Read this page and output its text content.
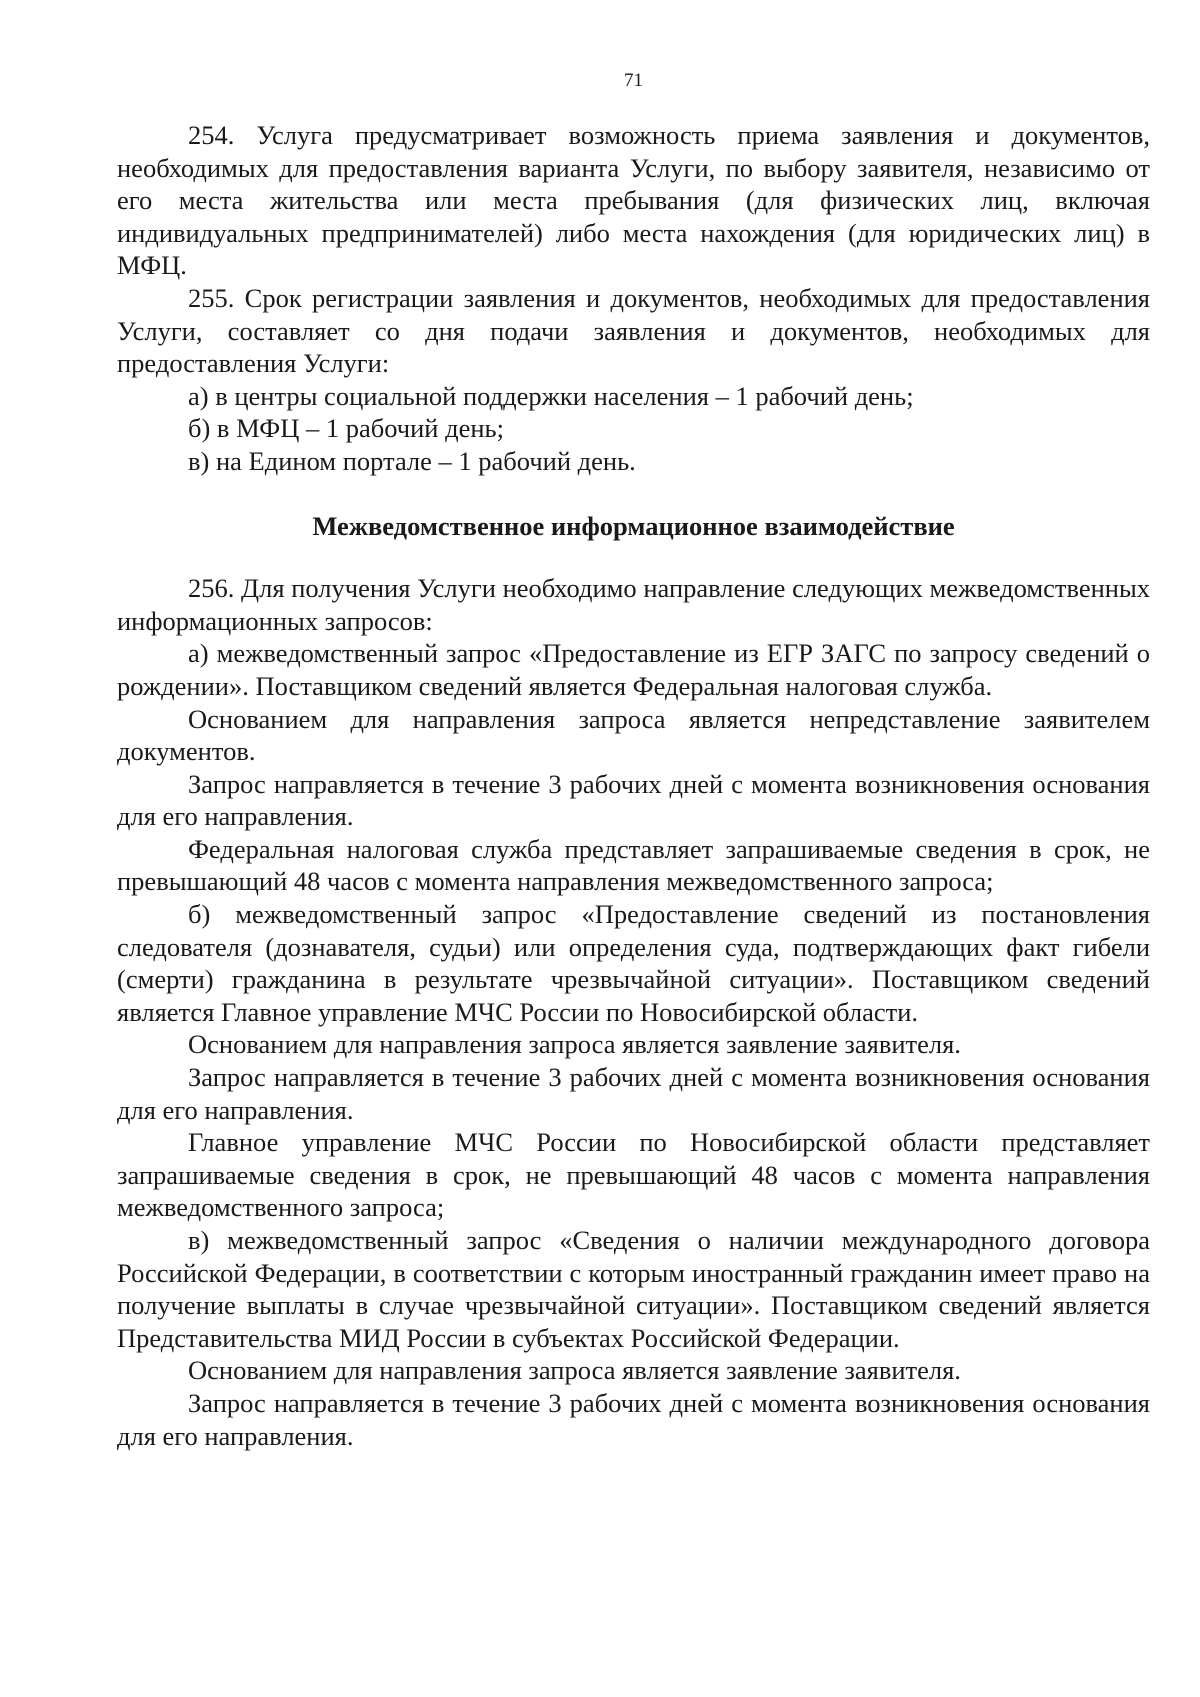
71

254. Услуга предусматривает возможность приема заявления и документов, необходимых для предоставления варианта Услуги, по выбору заявителя, независимо от его места жительства или места пребывания (для физических лиц, включая индивидуальных предпринимателей) либо места нахождения (для юридических лиц) в МФЦ.

255. Срок регистрации заявления и документов, необходимых для предоставления Услуги, составляет со дня подачи заявления и документов, необходимых для предоставления Услуги:

а) в центры социальной поддержки населения – 1 рабочий день;

б) в МФЦ – 1 рабочий день;

в) на Едином портале – 1 рабочий день.

Межведомственное информационное взаимодействие

256. Для получения Услуги необходимо направление следующих межведомственных информационных запросов:

а) межведомственный запрос «Предоставление из ЕГР ЗАГС по запросу сведений о рождении». Поставщиком сведений является Федеральная налоговая служба.

Основанием для направления запроса является непредставление заявителем документов.

Запрос направляется в течение 3 рабочих дней с момента возникновения основания для его направления.

Федеральная налоговая служба представляет запрашиваемые сведения в срок, не превышающий 48 часов с момента направления межведомственного запроса;

б) межведомственный запрос «Предоставление сведений из постановления следователя (дознавателя, судьи) или определения суда, подтверждающих факт гибели (смерти) гражданина в результате чрезвычайной ситуации». Поставщиком сведений является Главное управление МЧС России по Новосибирской области.

Основанием для направления запроса является заявление заявителя.

Запрос направляется в течение 3 рабочих дней с момента возникновения основания для его направления.

Главное управление МЧС России по Новосибирской области представляет запрашиваемые сведения в срок, не превышающий 48 часов с момента направления межведомственного запроса;

в) межведомственный запрос «Сведения о наличии международного договора Российской Федерации, в соответствии с которым иностранный гражданин имеет право на получение выплаты в случае чрезвычайной ситуации». Поставщиком сведений является Представительства МИД России в субъектах Российской Федерации.

Основанием для направления запроса является заявление заявителя.

Запрос направляется в течение 3 рабочих дней с момента возникновения основания для его направления.
